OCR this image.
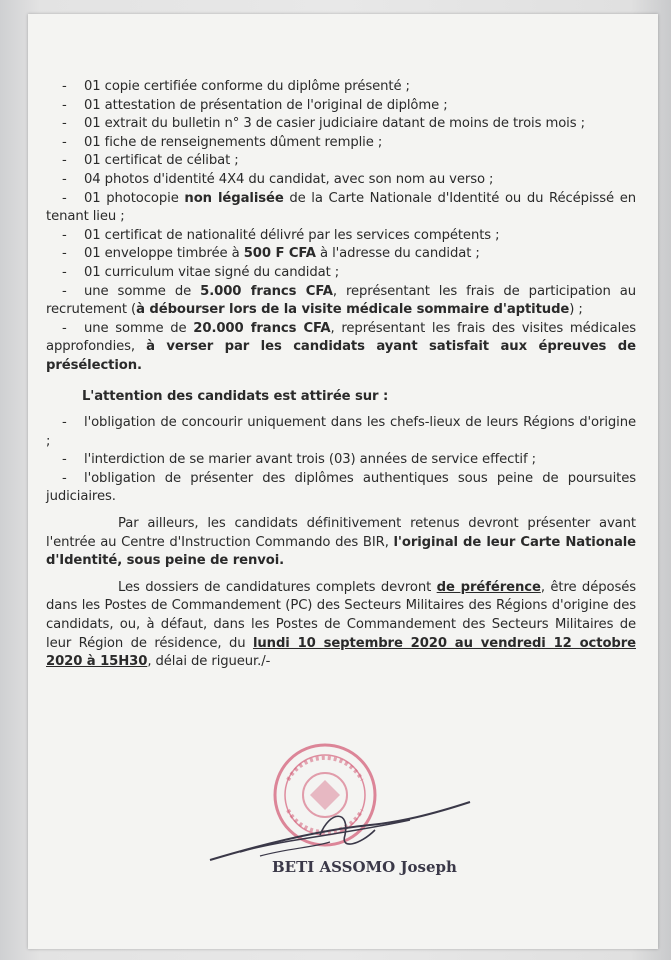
- 01 copie certifiée conforme du diplôme présenté ;

- 01 attestation de présentation de l'original de diplôme ;

- 01 extrait du bulletin n° 3 de casier judiciaire datant de moins de trois mois ;

- 01 fiche de renseignements dûment remplie ;

- 01 certificat de célibat ;

- 04 photos d'identité 4X4 du candidat, avec son nom au verso ;

- 01 photocopie non légalisée de la Carte Nationale d'Identité ou du Récépissé en tenant lieu ;

- 01 certificat de nationalité délivré par les services compétents ;

- 01 enveloppe timbrée à 500 F CFA à l'adresse du candidat ;

- 01 curriculum vitae signé du candidat ;

- une somme de 5.000 francs CFA, représentant les frais de participation au recrutement (à débourser lors de la visite médicale sommaire d'aptitude) ;

- une somme de 20.000 francs CFA, représentant les frais des visites médicales approfondies, à verser par les candidats ayant satisfait aux épreuves de présélection.

L'attention des candidats est attirée sur :

- l'obligation de concourir uniquement dans les chefs-lieux de leurs Régions d'origine ;

- l'interdiction de se marier avant trois (03) années de service effectif ;

- l'obligation de présenter des diplômes authentiques sous peine de poursuites judiciaires.

Par ailleurs, les candidats définitivement retenus devront présenter avant l'entrée au Centre d'Instruction Commando des BIR, l'original de leur Carte Nationale d'Identité, sous peine de renvoi.

Les dossiers de candidatures complets devront de préférence, être déposés dans les Postes de Commandement (PC) des Secteurs Militaires des Régions d'origine des candidats, ou, à défaut, dans les Postes de Commandement des Secteurs Militaires de leur Région de résidence, du lundi 10 septembre 2020 au vendredi 12 octobre 2020 à 15H30, délai de rigueur./-

BETI ASSOMO Joseph
